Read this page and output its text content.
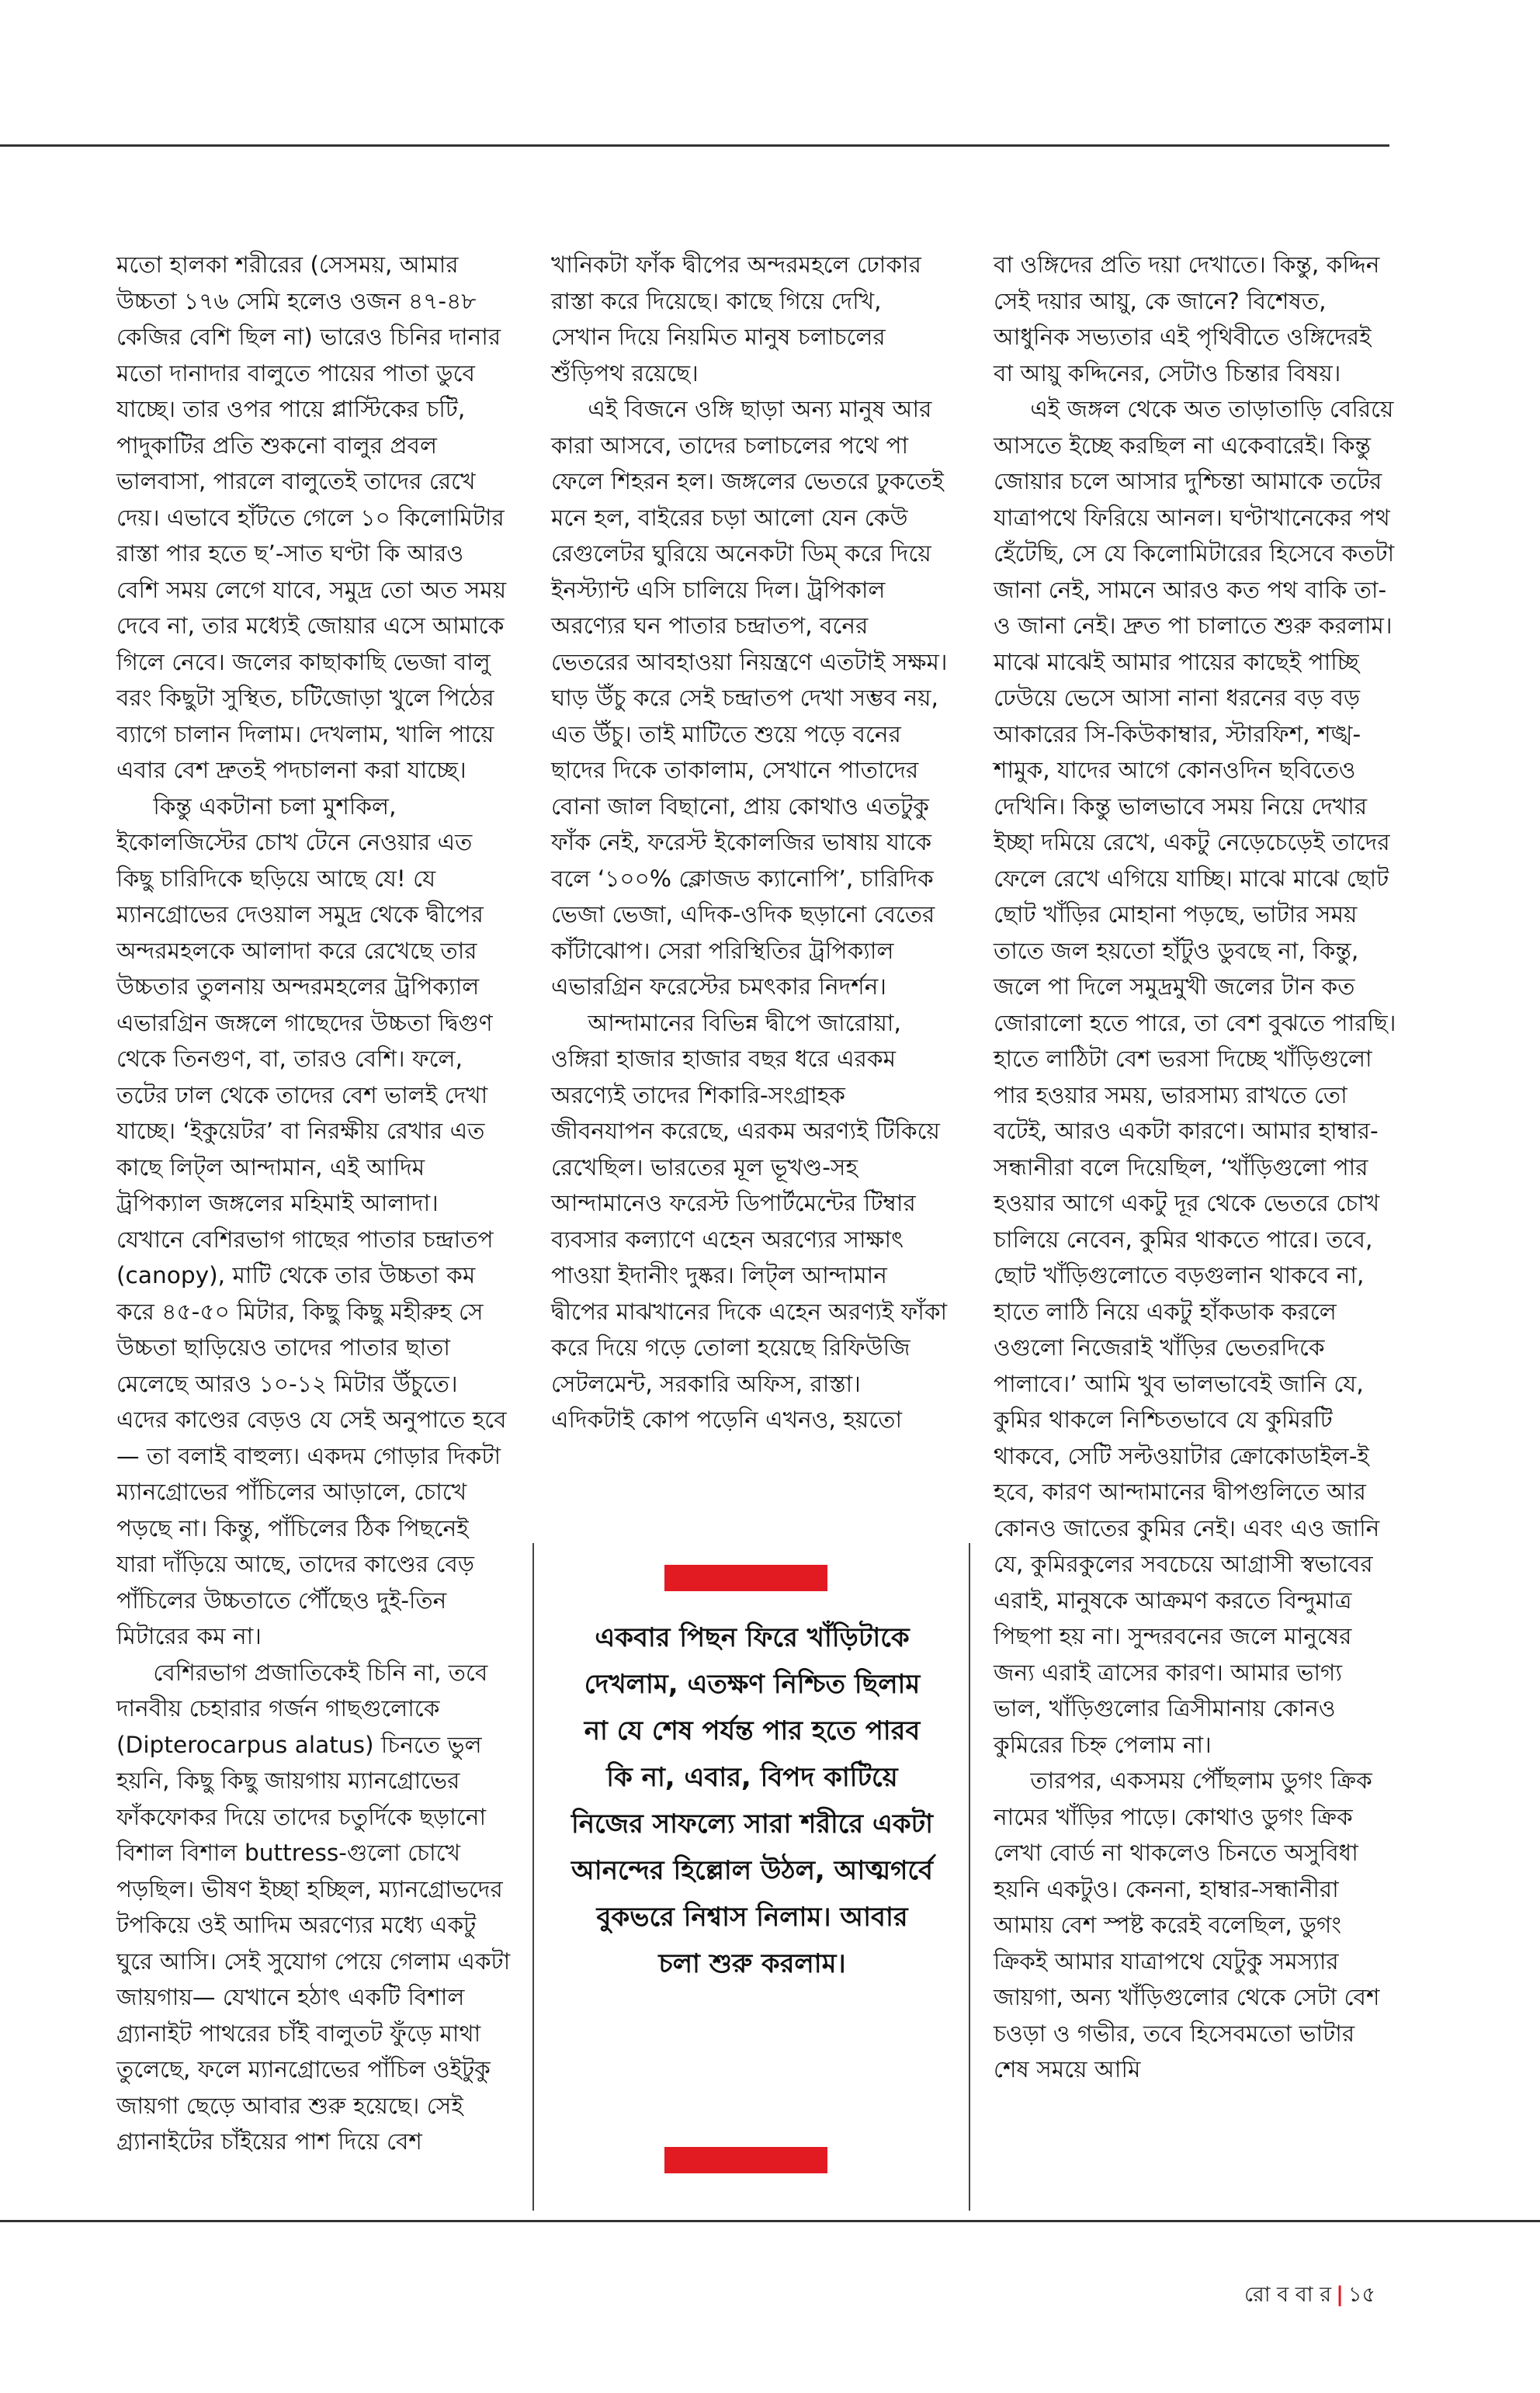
মতো হালকা শরীরের (সেসময়, আমার উচ্চতা ১৭৬ সেমি হলেও ওজন ৪৭-৪৮ কেজির বেশি ছিল না) ভারেও চিনির দানার মতো দানাদার বালুতে পায়ের পাতা ডুবে যাচ্ছে। তার ওপর পায়ে প্লাস্টিকের চটি, পাদুকাটির প্রতি শুকনো বালুর প্রবল ভালবাসা, পারলে বালুতেই তাদের রেখে দেয়। এভাবে হাঁটতে গেলে ১০ কিলোমিটার রাস্তা পার হতে ছ’-সাত ঘণ্টা কি আরও বেশি সময় লেগে যাবে, সমুদ্র তো অত সময় দেবে না, তার মধ্যেই জোয়ার এসে আমাকে গিলে নেবে। জলের কাছাকাছি ভেজা বালু বরং কিছুটা সুস্থিত, চটিজোড়া খুলে পিঠের ব্যাগে চালান দিলাম। দেখলাম, খালি পায়ে এবার বেশ দ্রুতই পদচালনা করা যাচ্ছে।

কিন্তু একটানা চলা মুশকিল, ইকোলজিস্টের চোখ টেনে নেওয়ার এত কিছু চারিদিকে ছড়িয়ে আছে যে! যে ম্যানগ্রোভের দেওয়াল সমুদ্র থেকে দ্বীপের অন্দরমহলকে আলাদা করে রেখেছে তার উচ্চতার তুলনায় অন্দরমহলের ট্রপিক্যাল এভারগ্রিন জঙ্গলে গাছেদের উচ্চতা দ্বিগুণ থেকে তিনগুণ, বা, তারও বেশি। ফলে, তটের ঢাল থেকে তাদের বেশ ভালই দেখা যাচ্ছে। ‘ইকুয়েটর’ বা নিরক্ষীয় রেখার এত কাছে লিট্‌ল আন্দামান, এই আদিম ট্রপিক্যাল জঙ্গলের মহিমাই আলাদা। যেখানে বেশিরভাগ গাছের পাতার চন্দ্রাতপ (canopy), মাটি থেকে তার উচ্চতা কম করে ৪৫-৫০ মিটার, কিছু কিছু মহীরুহ সে উচ্চতা ছাড়িয়েও তাদের পাতার ছাতা মেলেছে আরও ১০-১২ মিটার উঁচুতে। এদের কাণ্ডের বেড়ও যে সেই অনুপাতে হবে— তা বলাই বাহুল্য। একদম গোড়ার দিকটা ম্যানগ্রোভের পাঁচিলের আড়ালে, চোখে পড়ছে না। কিন্তু, পাঁচিলের ঠিক পিছনেই যারা দাঁড়িয়ে আছে, তাদের কাণ্ডের বেড় পাঁচিলের উচ্চতাতে পৌঁছেও দুই-তিন মিটারের কম না।

বেশিরভাগ প্রজাতিকেই চিনি না, তবে দানবীয় চেহারার গর্জন গাছগুলোকে (Dipterocarpus alatus) চিনতে ভুল হয়নি, কিছু কিছু জায়গায় ম্যানগ্রোভের ফাঁকফোকর দিয়ে তাদের চতুর্দিকে ছড়ানো বিশাল বিশাল buttress-গুলো চোখে পড়ছিল। ভীষণ ইচ্ছা হচ্ছিল, ম্যানগ্রোভদের টপকিয়ে ওই আদিম অরণ্যের মধ্যে একটু ঘুরে আসি। সেই সুযোগ পেয়ে গেলাম একটা জায়গায়— যেখানে হঠাৎ একটি বিশাল গ্র্যানাইট পাথরের চাঁই বালুতট ফুঁড়ে মাথা তুলেছে, ফলে ম্যানগ্রোভের পাঁচিল ওইটুকু জায়গা ছেড়ে আবার শুরু হয়েছে। সেই গ্র্যানাইটের চাঁইয়ের পাশ দিয়ে বেশ

খানিকটা ফাঁক দ্বীপের অন্দরমহলে ঢোকার রাস্তা করে দিয়েছে। কাছে গিয়ে দেখি, সেখান দিয়ে নিয়মিত মানুষ চলাচলের শুঁড়িপথ রয়েছে।

এই বিজনে ওঙ্গি ছাড়া অন্য মানুষ আর কারা আসবে, তাদের চলাচলের পথে পা ফেলে শিহরন হল। জঙ্গলের ভেতরে ঢুকতেই মনে হল, বাইরের চড়া আলো যেন কেউ রেগুলেটর ঘুরিয়ে অনেকটা ডিম্‌ করে দিয়ে ইনস্ট্যান্ট এসি চালিয়ে দিল। ট্রপিকাল অরণ্যের ঘন পাতার চন্দ্রাতপ, বনের ভেতরের আবহাওয়া নিয়ন্ত্রণে এতটাই সক্ষম। ঘাড় উঁচু করে সেই চন্দ্রাতপ দেখা সম্ভব নয়, এত উঁচু। তাই মাটিতে শুয়ে পড়ে বনের ছাদের দিকে তাকালাম, সেখানে পাতাদের বোনা জাল বিছানো, প্রায় কোথাও এতটুকু ফাঁক নেই, ফরেস্ট ইকোলজির ভাষায় যাকে বলে ‘১০০% ক্লোজড ক্যানোপি’, চারিদিক ভেজা ভেজা, এদিক-ওদিক ছড়ানো বেতের কাঁটাঝোপ। সেরা পরিস্থিতির ট্রপিক্যাল এভারগ্রিন ফরেস্টের চমৎকার নিদর্শন।

আন্দামানের বিভিন্ন দ্বীপে জারোয়া, ওঙ্গিরা হাজার হাজার বছর ধরে এরকম অরণ্যেই তাদের শিকারি-সংগ্রাহক জীবনযাপন করেছে, এরকম অরণ্যই টিকিয়ে রেখেছিল। ভারতের মূল ভূখণ্ড-সহ আন্দামানেও ফরেস্ট ডিপার্টমেন্টের টিম্বার ব্যবসার কল্যাণে এহেন অরণ্যের সাক্ষাৎ পাওয়া ইদানীং দুষ্কর। লিট্‌ল আন্দামান দ্বীপের মাঝখানের দিকে এহেন অরণ্যই ফাঁকা করে দিয়ে গড়ে তোলা হয়েছে রিফিউজি সেটলমেন্ট, সরকারি অফিস, রাস্তা। এদিকটাই কোপ পড়েনি এখনও, হয়তো

বা ওঙ্গিদের প্রতি দয়া দেখাতে। কিন্তু, কদ্দিন সেই দয়ার আয়ু, কে জানে? বিশেষত, আধুনিক সভ্যতার এই পৃথিবীতে ওঙ্গিদেরই বা আয়ু কদ্দিনের, সেটাও চিন্তার বিষয়।

এই জঙ্গল থেকে অত তাড়াতাড়ি বেরিয়ে আসতে ইচ্ছে করছিল না একেবারেই। কিন্তু জোয়ার চলে আসার দুশ্চিন্তা আমাকে তটের যাত্রাপথে ফিরিয়ে আনল। ঘণ্টাখানেকের পথ হেঁটেছি, সে যে কিলোমিটারের হিসেবে কতটা জানা নেই, সামনে আরও কত পথ বাকি তা-ও জানা নেই। দ্রুত পা চালাতে শুরু করলাম। মাঝে মাঝেই আমার পায়ের কাছেই পাচ্ছি ঢেউয়ে ভেসে আসা নানা ধরনের বড় বড় আকারের সি-কিউকাম্বার, স্টারফিশ, শঙ্খ-শামুক, যাদের আগে কোনওদিন ছবিতেও দেখিনি। কিন্তু ভালভাবে সময় নিয়ে দেখার ইচ্ছা দমিয়ে রেখে, একটু নেড়েচেড়েই তাদের ফেলে রেখে এগিয়ে যাচ্ছি। মাঝে মাঝে ছোট ছোট খাঁড়ির মোহানা পড়ছে, ভাটার সময় তাতে জল হয়তো হাঁটুও ডুবছে না, কিন্তু, জলে পা দিলে সমুদ্রমুখী জলের টান কত জোরালো হতে পারে, তা বেশ বুঝতে পারছি। হাতে লাঠিটা বেশ ভরসা দিচ্ছে খাঁড়িগুলো পার হওয়ার সময়, ভারসাম্য রাখতে তো বটেই, আরও একটা কারণে। আমার হাম্বার-সন্ধানীরা বলে দিয়েছিল, ‘খাঁড়িগুলো পার হওয়ার আগে একটু দূর থেকে ভেতরে চোখ চালিয়ে নেবেন, কুমির থাকতে পারে। তবে, ছোট খাঁড়িগুলোতে বড়গুলান থাকবে না, হাতে লাঠি নিয়ে একটু হাঁকডাক করলে ওগুলো নিজেরাই খাঁড়ির ভেতরদিকে পালাবে।’ আমি খুব ভালভাবেই জানি যে, কুমির থাকলে নিশ্চিতভাবে যে কুমিরটি থাকবে, সেটি সল্টওয়াটার ক্রোকোডাইল-ই হবে, কারণ আন্দামানের দ্বীপগুলিতে আর কোনও জাতের কুমির নেই। এবং এও জানি যে, কুমিরকুলের সবচেয়ে আগ্রাসী স্বভাবের এরাই, মানুষকে আক্রমণ করতে বিন্দুমাত্র পিছপা হয় না। সুন্দরবনের জলে মানুষের জন্য এরাই ত্রাসের কারণ। আমার ভাগ্য ভাল, খাঁড়িগুলোর ত্রিসীমানায় কোনও কুমিরের চিহ্ন পেলাম না।

তারপর, একসময় পৌঁছলাম ডুগং ক্রিক নামের খাঁড়ির পাড়ে। কোথাও ডুগং ক্রিক লেখা বোর্ড না থাকলেও চিনতে অসুবিধা হয়নি একটুও। কেননা, হাম্বার-সন্ধানীরা আমায় বেশ স্পষ্ট করেই বলেছিল, ডুগং ক্রিকই আমার যাত্রাপথে যেটুকু সমস্যার জায়গা, অন্য খাঁড়িগুলোর থেকে সেটা বেশ চওড়া ও গভীর, তবে হিসেবমতো ভাটার শেষ সময়ে আমি

একবার পিছন ফিরে খাঁড়িটাকে দেখলাম, এতক্ষণ নিশ্চিত ছিলাম না যে শেষ পর্যন্ত পার হতে পারব কি না, এবার, বিপদ কাটিয়ে নিজের সাফল্যে সারা শরীরে একটা আনন্দের হিল্লোল উঠল, আত্মগর্বে বুকভরে নিশ্বাস নিলাম। আবার চলা শুরু করলাম।

রো ব বা র | ১৫
